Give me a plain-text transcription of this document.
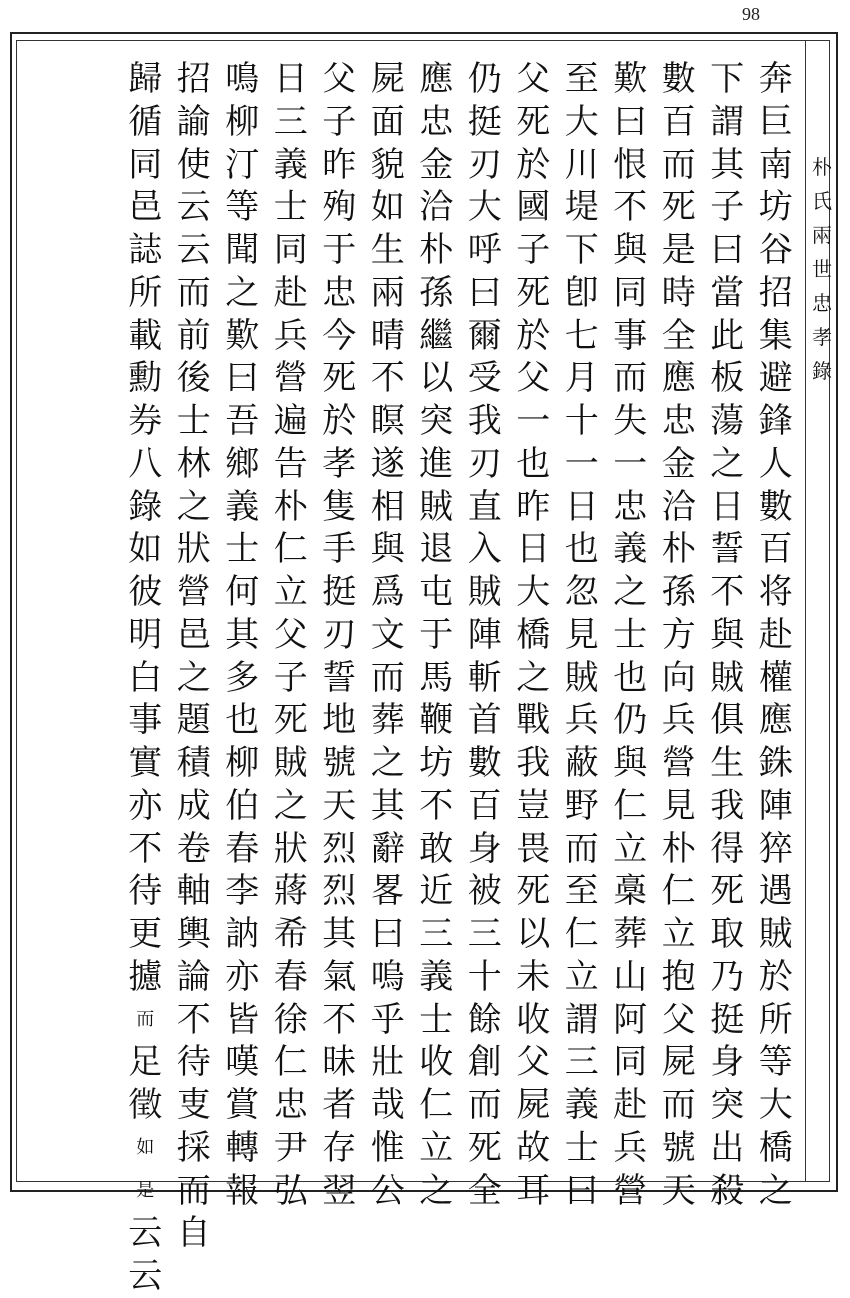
98
朴
氏
兩
世
忠
孝
錄
奔
巨
南
坊
谷
招
集
避
鋒
人
數
百
将
赴
權
應
銖
陣
猝
遇
賊
於
所
等
大
橋
之
下
謂
其
子
曰
當
此
板
蕩
之
日
誓
不
與
賊
俱
生
我
得
死
取
乃
挺
身
突
出
殺
數
百
而
死
是
時
全
應
忠
金
洽
朴
孫
方
向
兵
營
見
朴
仁
立
抱
父
屍
而
號
天
歎
曰
恨
不
與
同
事
而
失
一
忠
義
之
士
也
仍
與
仁
立
槀
葬
山
阿
同
赴
兵
營
至
大
川
堤
下
卽
七
月
十
一
日
也
忽
見
賊
兵
蔽
野
而
至
仁
立
謂
三
義
士
曰
父
死
於
國
子
死
於
父
一
也
昨
日
大
橋
之
戰
我
豈
畏
死
以
未
收
父
屍
故
耳
仍
挺
刃
大
呼
曰
爾
受
我
刃
直
入
賊
陣
斬
首
數
百
身
被
三
十
餘
創
而
死
全
應
忠
金
洽
朴
孫
繼
以
突
進
賊
退
屯
于
馬
鞭
坊
不
敢
近
三
義
士
收
仁
立
之
屍
面
貌
如
生
兩
晴
不
瞑
遂
相
與
爲
文
而
葬
之
其
辭
畧
曰
嗚
乎
壯
哉
惟
公
父
子
昨
殉
于
忠
今
死
於
孝
隻
手
挺
刃
誓
地
號
天
烈
烈
其
氣
不
昧
者
存
翌
日
三
義
士
同
赴
兵
營
遍
告
朴
仁
立
父
子
死
賊
之
狀
蔣
希
春
徐
仁
忠
尹
弘
鳴
柳
汀
等
聞
之
歎
曰
吾
鄉
義
士
何
其
多
也
柳
伯
春
李
訥
亦
皆
嘆
賞
轉
報
招
諭
使
云
云
而
前
後
士
林
之
狀
營
邑
之
題
積
成
卷
軸
輿
論
不
待
叓
採
而
自
歸
循
同
邑
誌
所
載
勳
券
八
錄
如
彼
明
白
事
實
亦
不
待
更
攄
而
足
徵
如
是
云
云
